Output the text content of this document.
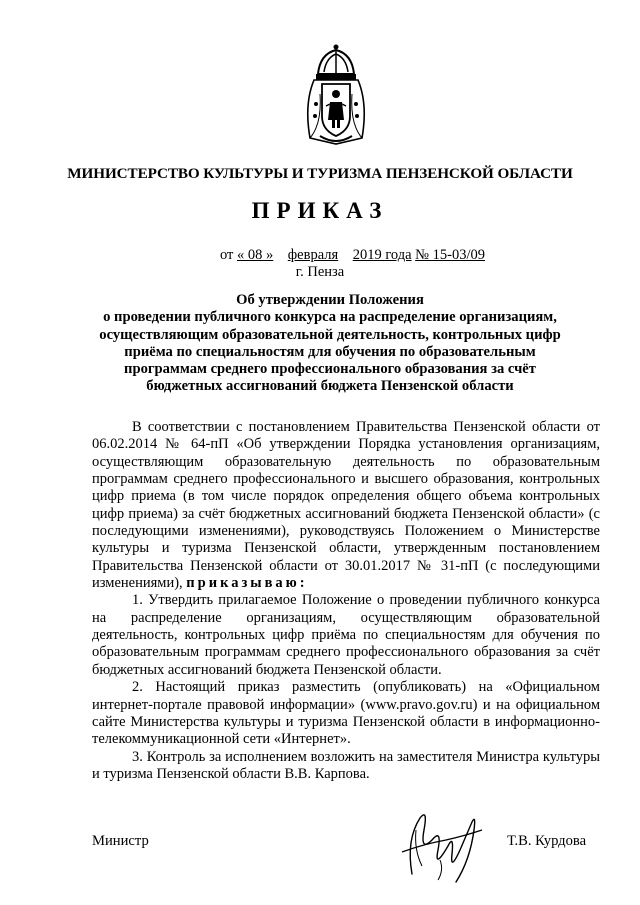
МИНИСТЕРСТВО КУЛЬТУРЫ И ТУРИЗМА ПЕНЗЕНСКОЙ ОБЛАСТИ
ПРИКАЗ
от « 08 » февраля 2019 года № 15-03/09
г. Пенза
Об утверждении Положения
о проведении публичного конкурса на распределение организациям,
осуществляющим образовательной деятельность, контрольных цифр
приёма по специальностям для обучения по образовательным
программам среднего профессионального образования за счёт
бюджетных ассигнований бюджета Пензенской области

В соответствии с постановлением Правительства Пензенской области от 06.02.2014 № 64-пП «Об утверждении Порядка установления организациям, осуществляющим образовательную деятельность по образовательным программам среднего профессионального и высшего образования, контрольных цифр приема (в том числе порядок определения общего объема контрольных цифр приема) за счёт бюджетных ассигнований бюджета Пензенской области» (с последующими изменениями), руководствуясь Положением о Министерстве культуры и туризма Пензенской области, утвержденным постановлением Правительства Пензенской области от 30.01.2017 № 31-пП (с последующими изменениями), приказываю:

1. Утвердить прилагаемое Положение о проведении публичного конкурса на распределение организациям, осуществляющим образовательной деятельность, контрольных цифр приёма по специальностям для обучения по образовательным программам среднего профессионального образования за счёт бюджетных ассигнований бюджета Пензенской области.

2. Настоящий приказ разместить (опубликовать) на «Официальном интернет-портале правовой информации» (www.pravo.gov.ru) и на официальном сайте Министерства культуры и туризма Пензенской области в информационно-телекоммуникационной сети «Интернет».

3. Контроль за исполнением возложить на заместителя Министра культуры и туризма Пензенской области В.В. Карпова.

Министр	Т.В. Курдова
